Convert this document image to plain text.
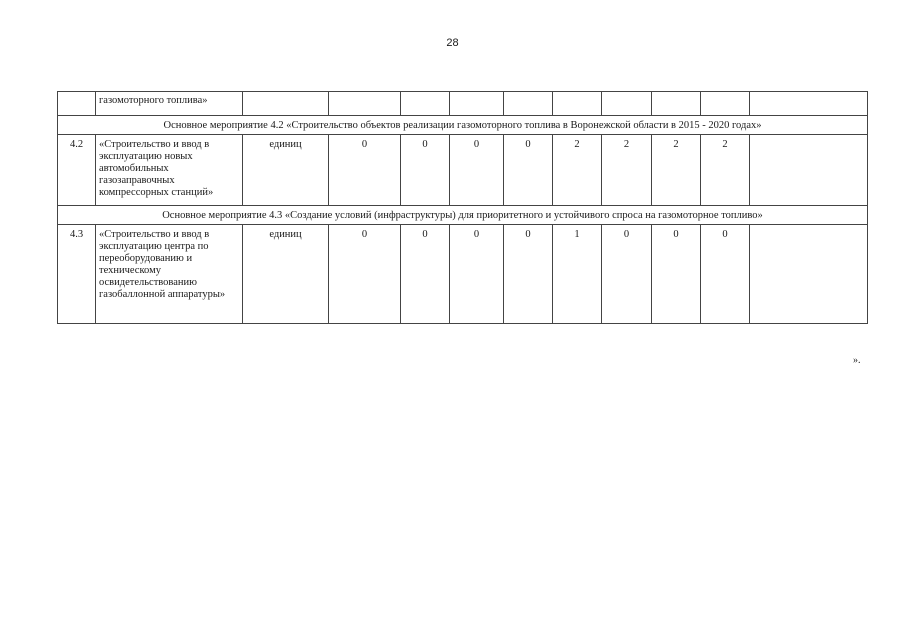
28
	газомоторного топлива»										
Основное мероприятие 4.2 «Строительство объектов реализации газомоторного топлива в Воронежской области в 2015 - 2020 годах»											
4.2	«Строительство и ввод в эксплуатацию новых автомобильных газозаправочных компрессорных станций»	единиц	0	0	0	0	2	2	2	2	
Основное мероприятие 4.3 «Создание условий (инфраструктуры) для приоритетного и устойчивого спроса на газомоторное топливо»											
4.3	«Строительство и ввод в эксплуатацию центра по переоборудованию и техническому освидетельствованию газобаллонной аппаратуры»	единиц	0	0	0	0	1	0	0	0	
».
